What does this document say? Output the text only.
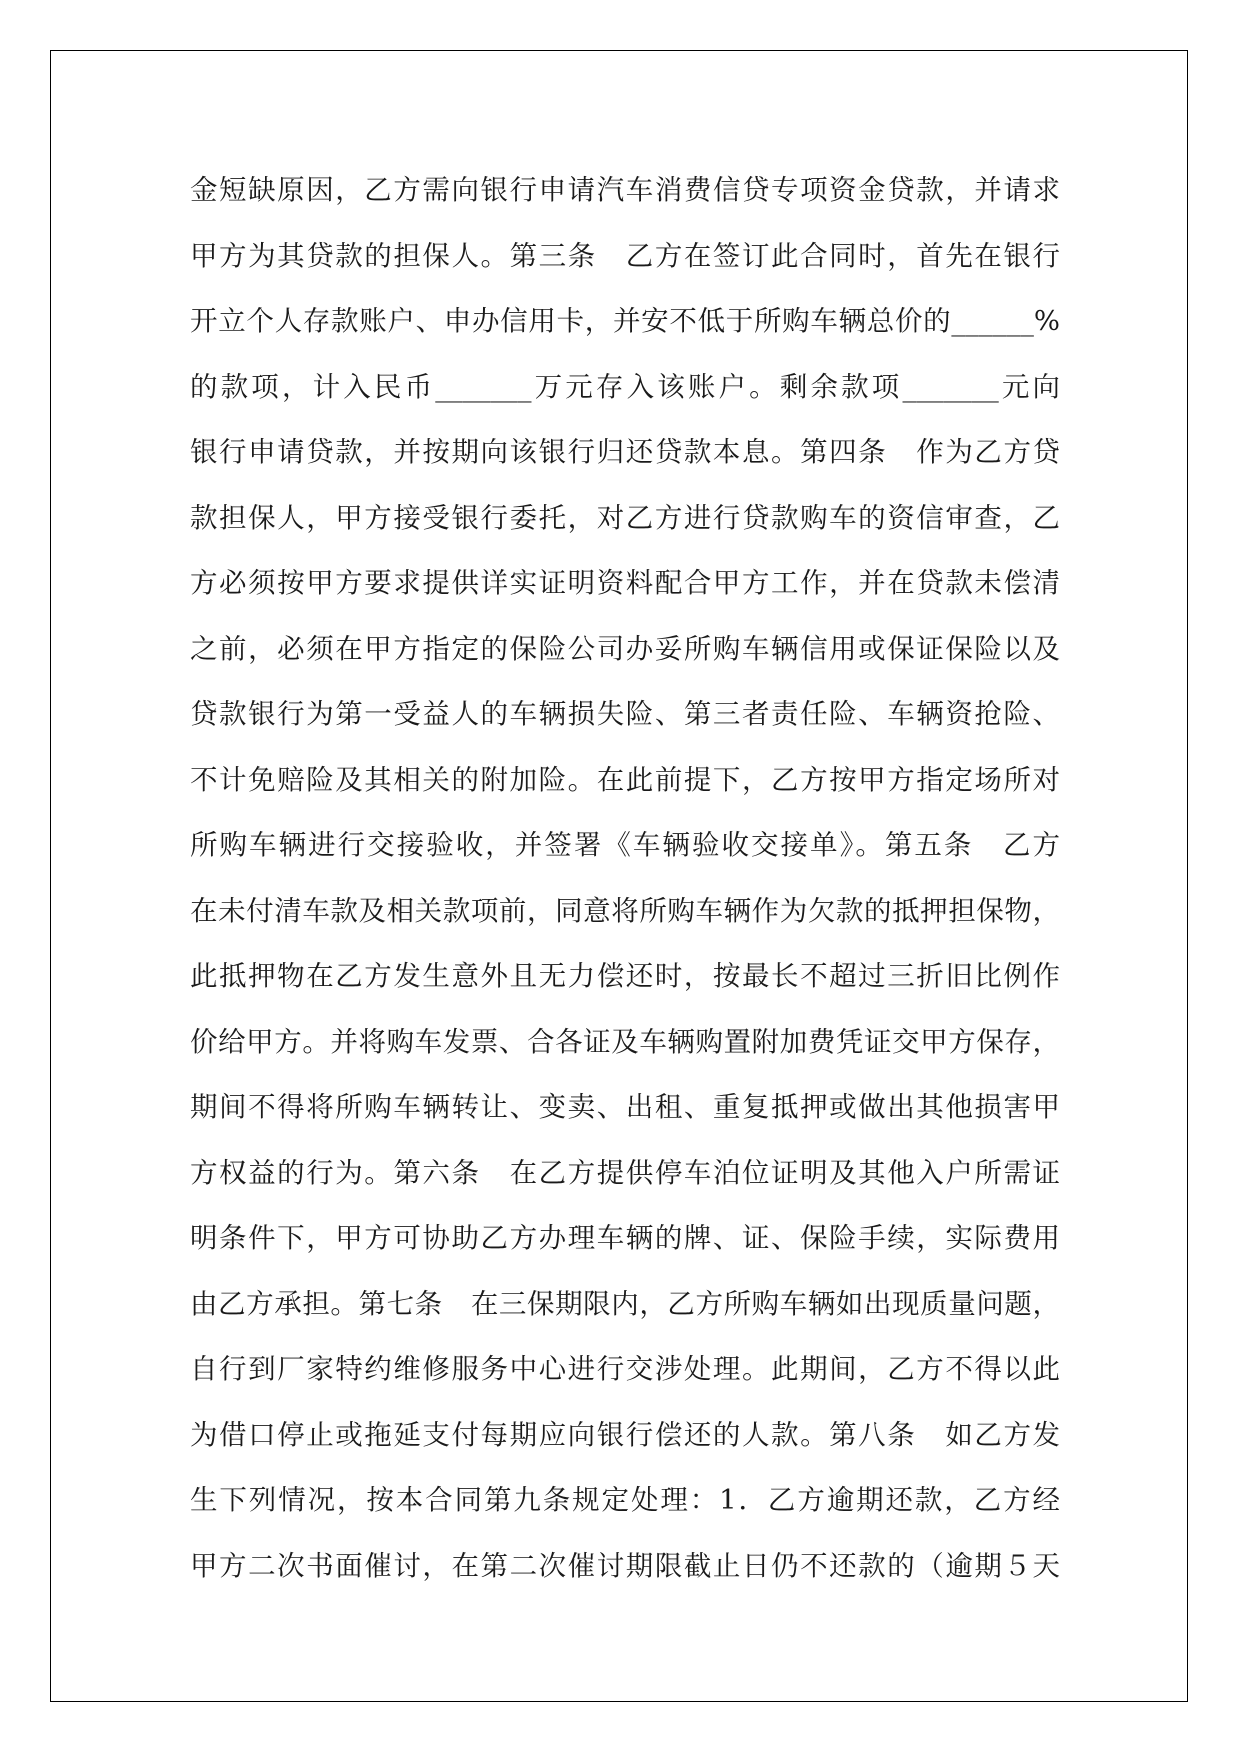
金短缺原因，乙方需向银行申请汽车消费信贷专项资金贷款，并请求
甲方为其贷款的担保人。第三条　乙方在签订此合同时，首先在银行
开立个人存款账户、申办信用卡，并安不低于所购车辆总价的______%
的款项，计入民币_______万元存入该账户。剩余款项_______元向
银行申请贷款，并按期向该银行归还贷款本息。第四条　作为乙方贷
款担保人，甲方接受银行委托，对乙方进行贷款购车的资信审查，乙
方必须按甲方要求提供详实证明资料配合甲方工作，并在贷款未偿清
之前，必须在甲方指定的保险公司办妥所购车辆信用或保证保险以及
贷款银行为第一受益人的车辆损失险、第三者责任险、车辆资抢险、
不计免赔险及其相关的附加险。在此前提下，乙方按甲方指定场所对
所购车辆进行交接验收，并签署《车辆验收交接单》。第五条　乙方
在未付清车款及相关款项前，同意将所购车辆作为欠款的抵押担保物，
此抵押物在乙方发生意外且无力偿还时，按最长不超过三折旧比例作
价给甲方。并将购车发票、合各证及车辆购置附加费凭证交甲方保存，
期间不得将所购车辆转让、变卖、出租、重复抵押或做出其他损害甲
方权益的行为。第六条　在乙方提供停车泊位证明及其他入户所需证
明条件下，甲方可协助乙方办理车辆的牌、证、保险手续，实际费用
由乙方承担。第七条　在三保期限内，乙方所购车辆如出现质量问题，
自行到厂家特约维修服务中心进行交涉处理。此期间，乙方不得以此
为借口停止或拖延支付每期应向银行偿还的人款。第八条　如乙方发
生下列情况，按本合同第九条规定处理：1．乙方逾期还款，乙方经
甲方二次书面催讨，在第二次催讨期限截止日仍不还款的（逾期５天
